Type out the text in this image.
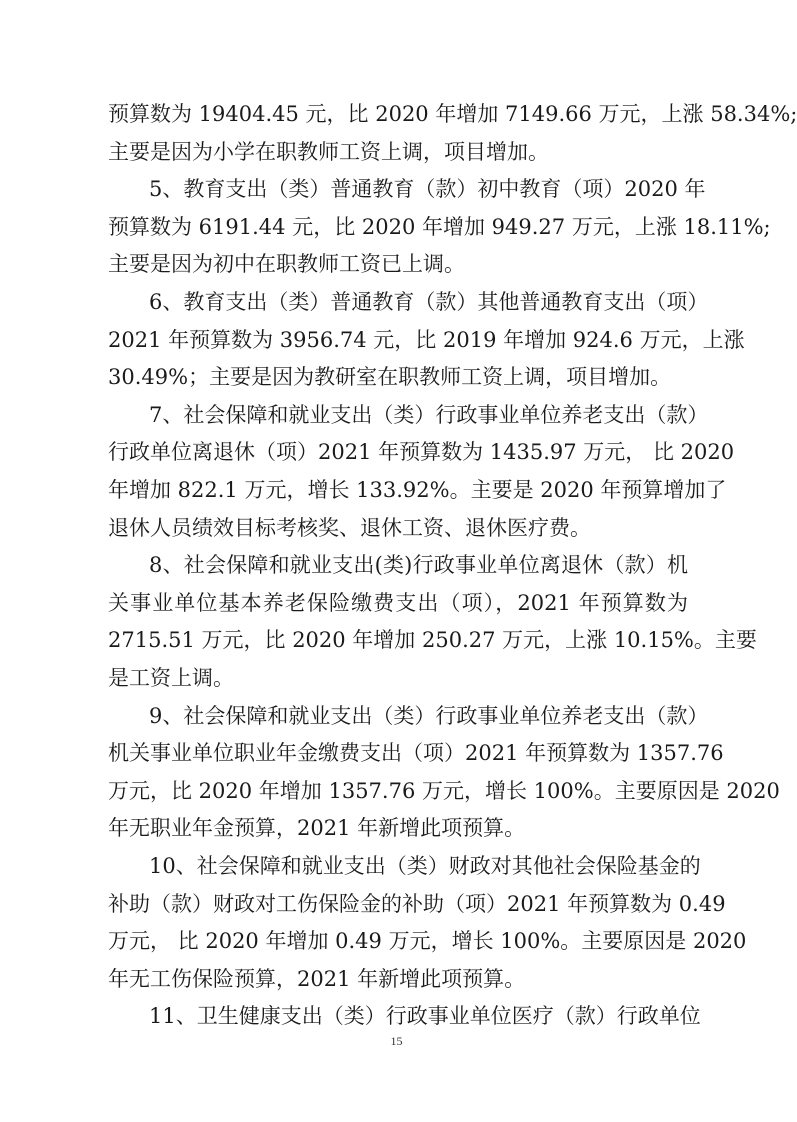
预算数为 19404.45 元，比 2020 年增加 7149.66 万元，上涨 58.34%;
主要是因为小学在职教师工资上调，项目增加。
5、教育支出（类）普通教育（款）初中教育（项）2020 年
预算数为 6191.44 元，比 2020 年增加 949.27 万元，上涨 18.11%;
主要是因为初中在职教师工资已上调。
6、教育支出（类）普通教育（款）其他普通教育支出（项）
2021 年预算数为 3956.74 元，比 2019 年增加 924.6 万元，上涨
30.49%；主要是因为教研室在职教师工资上调，项目增加。
7、社会保障和就业支出（类）行政事业单位养老支出（款）
行政单位离退休（项）2021 年预算数为 1435.97 万元， 比 2020
年增加 822.1 万元，增长 133.92%。主要是 2020 年预算增加了
退休人员绩效目标考核奖、退休工资、退休医疗费。
8、社会保障和就业支出(类)行政事业单位离退休（款）机
关事业单位基本养老保险缴费支出（项），2021 年预算数为
2715.51 万元，比 2020 年增加 250.27 万元，上涨 10.15%。主要
是工资上调。
9、社会保障和就业支出（类）行政事业单位养老支出（款）
机关事业单位职业年金缴费支出（项）2021 年预算数为 1357.76
万元，比 2020 年增加 1357.76 万元，增长 100%。主要原因是 2020
年无职业年金预算，2021 年新增此项预算。
10、社会保障和就业支出（类）财政对其他社会保险基金的
补助（款）财政对工伤保险金的补助（项）2021 年预算数为 0.49
万元， 比 2020 年增加 0.49 万元，增长 100%。主要原因是 2020
年无工伤保险预算，2021 年新增此项预算。
11、卫生健康支出（类）行政事业单位医疗（款）行政单位
15
